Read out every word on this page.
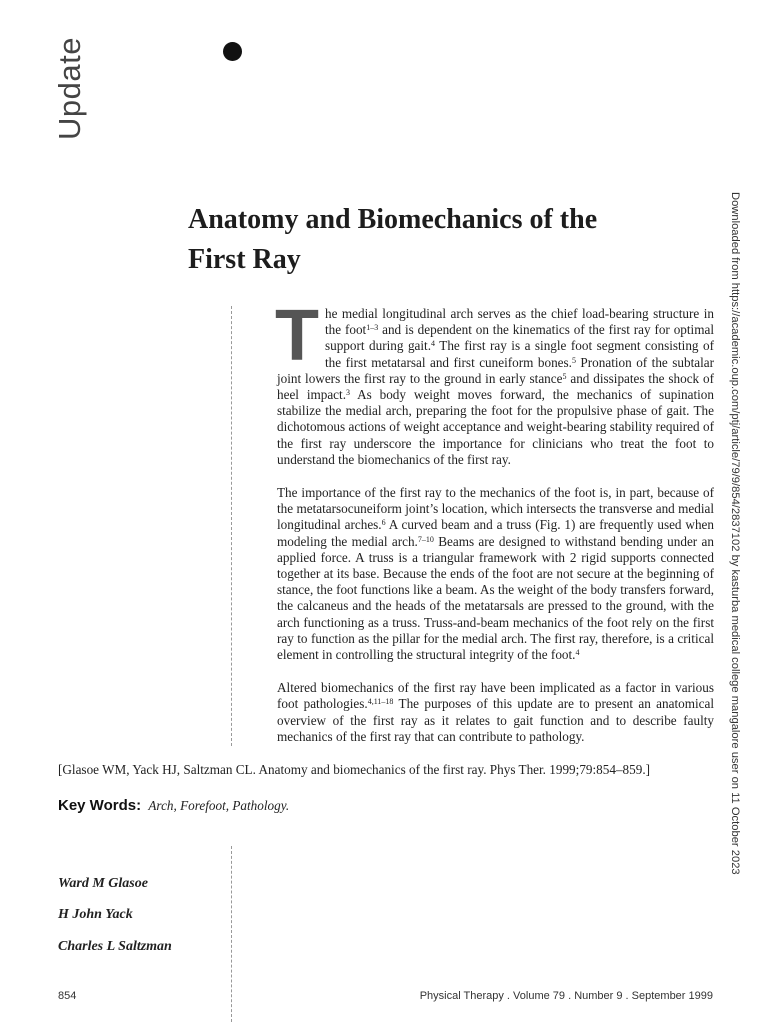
Update
Downloaded from https://academic.oup.com/ptj/article/79/9/854/2837102 by kasturba medical college mangalore user on 11 October 2023
Anatomy and Biomechanics of the
First Ray

The medial longitudinal arch serves as the chief load-bearing structure in the foot$^{1-3}$ and is dependent on the kinematics of the first ray for optimal support during gait.$^4$ The first ray is a single foot segment consisting of the first metatarsal and first cuneiform bones.$^5$ Pronation of the subtalar joint lowers the first ray to the ground in early stance$^5$ and dissipates the shock of heel impact.$^3$ As body weight moves forward, the mechanics of supination stabilize the medial arch, preparing the foot for the propulsive phase of gait. The dichotomous actions of weight acceptance and weight-bearing stability required of the first ray underscore the importance for clinicians who treat the foot to understand the biomechanics of the first ray.

The importance of the first ray to the mechanics of the foot is, in part, because of the metatarsocuneiform joint’s location, which intersects the transverse and medial longitudinal arches.$^6$ A curved beam and a truss (Fig. 1) are frequently used when modeling the medial arch.$^{7-10}$ Beams are designed to withstand bending under an applied force. A truss is a triangular framework with 2 rigid supports connected together at its base. Because the ends of the foot are not secure at the beginning of stance, the foot functions like a beam. As the weight of the body transfers forward, the calcaneus and the heads of the metatarsals are pressed to the ground, with the arch functioning as a truss. Truss-and-beam mechanics of the foot rely on the first ray to function as the pillar for the medial arch. The first ray, therefore, is a critical element in controlling the structural integrity of the foot.$^4$

Altered biomechanics of the first ray have been implicated as a factor in various foot pathologies.$^{4,11-18}$ The purposes of this update are to present an anatomical overview of the first ray as it relates to gait function and to describe faulty mechanics of the first ray that can contribute to pathology.

[Glasoe WM, Yack HJ, Saltzman CL. Anatomy and biomechanics of the first ray. Phys Ther. 1999;79:854–859.]
Key Words: Arch, Forefoot, Pathology.
Ward M Glasoe
H John Yack
Charles L Saltzman
854	Physical Therapy . Volume 79 . Number 9 . September 1999
